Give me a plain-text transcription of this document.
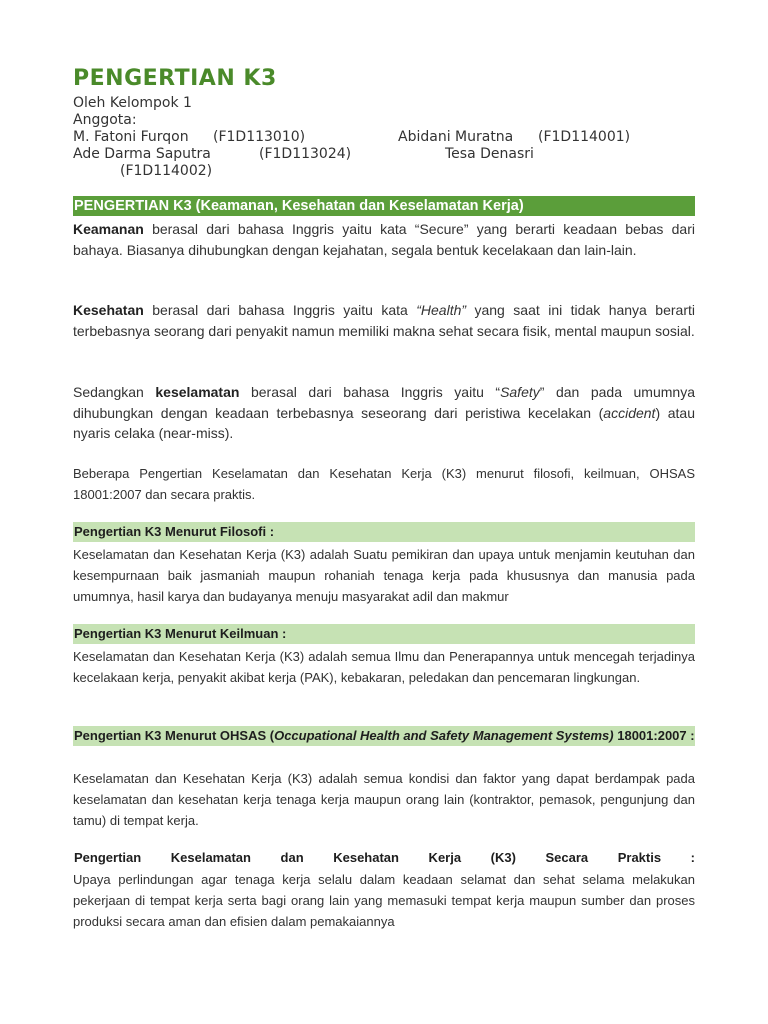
PENGERTIAN K3
Oleh Kelompok 1
Anggota:
M. Fatoni Furqon (F1D113010)	Abidani Muratna (F1D114001)
Ade Darma Saputra	(F1D113024)	Tesa Denasri
(F1D114002)
PENGERTIAN K3 (Keamanan, Kesehatan dan Keselamatan Kerja)

Keamanan berasal dari bahasa Inggris yaitu kata “Secure” yang berarti keadaan bebas dari bahaya. Biasanya dihubungkan dengan kejahatan, segala bentuk kecelakaan dan lain-lain.

Kesehatan berasal dari bahasa Inggris yaitu kata “Health” yang saat ini tidak hanya berarti terbebasnya seorang dari penyakit namun memiliki makna sehat secara fisik, mental maupun sosial.

Sedangkan keselamatan berasal dari bahasa Inggris yaitu “Safety” dan pada umumnya dihubungkan dengan keadaan terbebasnya seseorang dari peristiwa kecelakan (accident) atau nyaris celaka (near-miss).

Beberapa Pengertian Keselamatan dan Kesehatan Kerja (K3) menurut filosofi, keilmuan, OHSAS 18001:2007 dan secara praktis.

Pengertian K3 Menurut Filosofi :

Keselamatan dan Kesehatan Kerja (K3) adalah Suatu pemikiran dan upaya untuk menjamin keutuhan dan kesempurnaan baik jasmaniah maupun rohaniah tenaga kerja pada khususnya dan manusia pada umumnya, hasil karya dan budayanya menuju masyarakat adil dan makmur

Pengertian K3 Menurut Keilmuan :

Keselamatan dan Kesehatan Kerja (K3) adalah semua Ilmu dan Penerapannya untuk mencegah terjadinya kecelakaan kerja, penyakit akibat kerja (PAK), kebakaran, peledakan dan pencemaran lingkungan.

Pengertian K3 Menurut OHSAS (Occupational Health and Safety Management Systems) 18001:2007 :

Keselamatan dan Kesehatan Kerja (K3) adalah semua kondisi dan faktor yang dapat berdampak pada keselamatan dan kesehatan kerja tenaga kerja maupun orang lain (kontraktor, pemasok, pengunjung dan tamu) di tempat kerja.

Pengertian Keselamatan dan Kesehatan Kerja (K3) Secara Praktis :

Upaya perlindungan agar tenaga kerja selalu dalam keadaan selamat dan sehat selama melakukan pekerjaan di tempat kerja serta bagi orang lain yang memasuki tempat kerja maupun sumber dan proses produksi secara aman dan efisien dalam pemakaiannya
